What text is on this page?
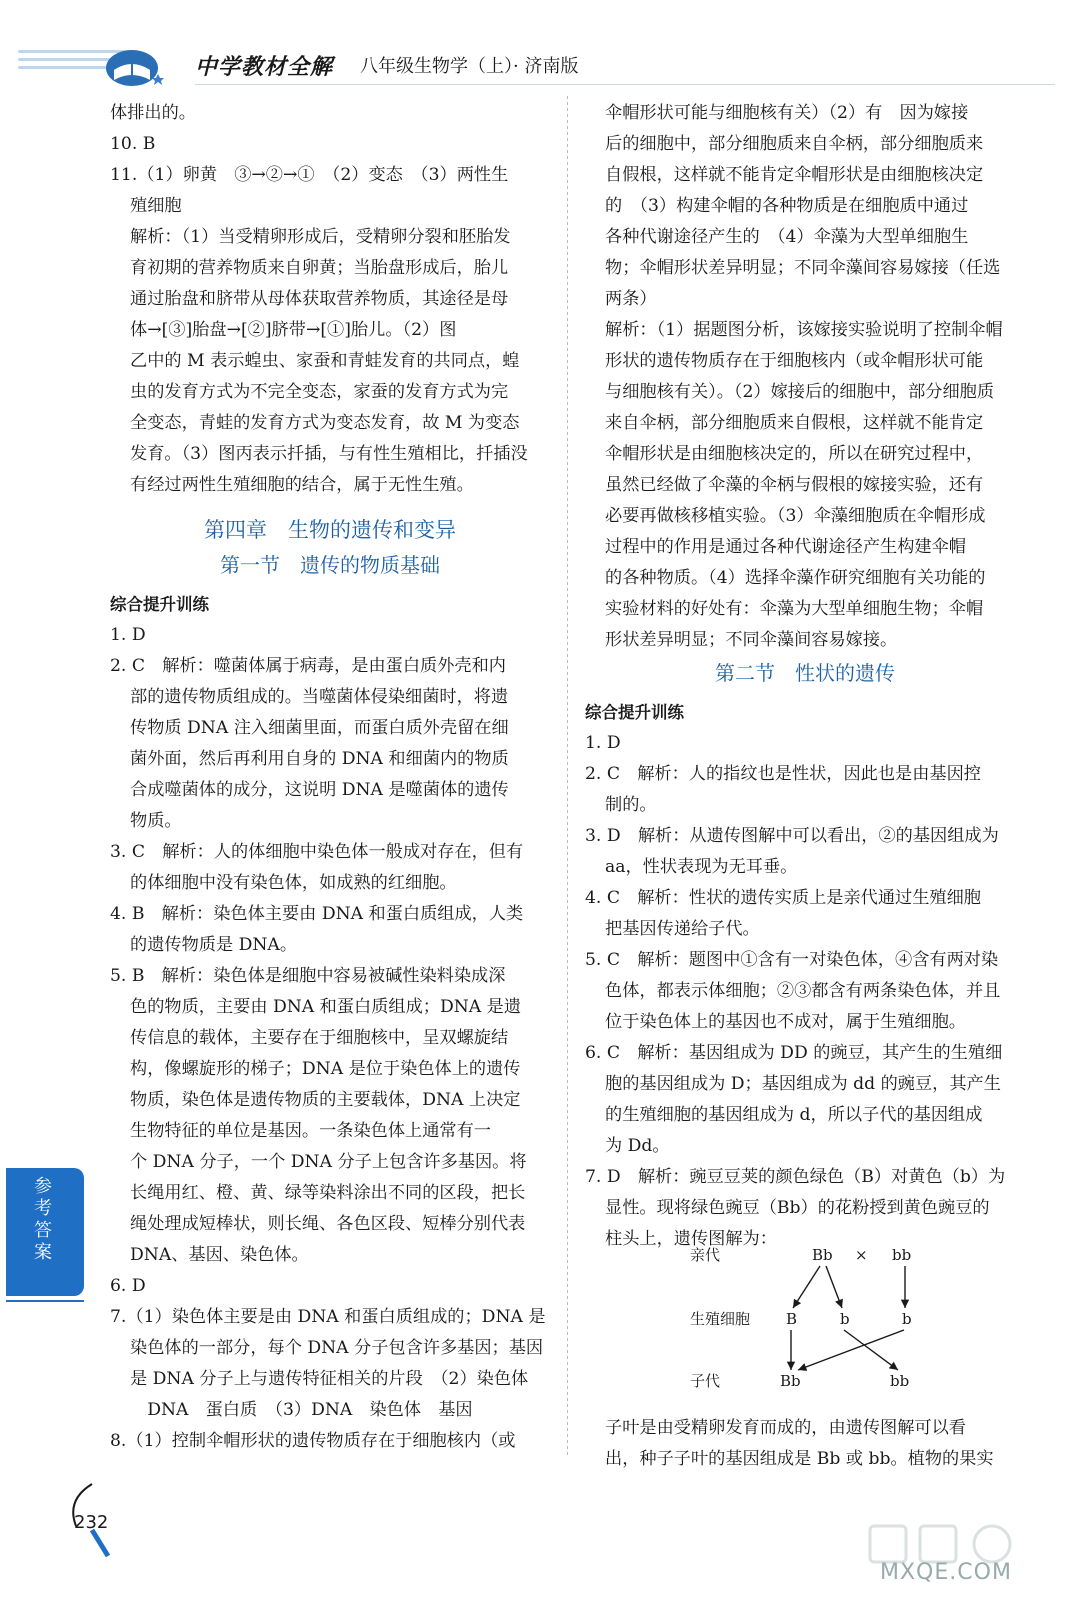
中学教材全解 八年级生物学（上）· 济南版

体排出的。

10. B

11.（1）卵黄　③→②→①　（2）变态　（3）两性生

殖细胞

解析：（1）当受精卵形成后，受精卵分裂和胚胎发

育初期的营养物质来自卵黄；当胎盘形成后，胎儿

通过胎盘和脐带从母体获取营养物质，其途径是母

体→[③]胎盘→[②]脐带→[①]胎儿。（2）图

乙中的 M 表示蝗虫、家蚕和青蛙发育的共同点，蝗

虫的发育方式为不完全变态，家蚕的发育方式为完

全变态，青蛙的发育方式为变态发育，故 M 为变态

发育。（3）图丙表示扦插，与有性生殖相比，扦插没

有经过两性生殖细胞的结合，属于无性生殖。

第四章　生物的遗传和变异
第一节　遗传的物质基础

综合提升训练

1. D

2. C　解析：噬菌体属于病毒，是由蛋白质外壳和内

部的遗传物质组成的。当噬菌体侵染细菌时，将遗

传物质 DNA 注入细菌里面，而蛋白质外壳留在细

菌外面，然后再利用自身的 DNA 和细菌内的物质

合成噬菌体的成分，这说明 DNA 是噬菌体的遗传

物质。

3. C　解析：人的体细胞中染色体一般成对存在，但有

的体细胞中没有染色体，如成熟的红细胞。

4. B　解析：染色体主要由 DNA 和蛋白质组成，人类

的遗传物质是 DNA。

5. B　解析：染色体是细胞中容易被碱性染料染成深

色的物质，主要由 DNA 和蛋白质组成；DNA 是遗

传信息的载体，主要存在于细胞核中，呈双螺旋结

构，像螺旋形的梯子；DNA 是位于染色体上的遗传

物质，染色体是遗传物质的主要载体，DNA 上决定

生物特征的单位是基因。一条染色体上通常有一

个 DNA 分子，一个 DNA 分子上包含许多基因。将

长绳用红、橙、黄、绿等染料涂出不同的区段，把长

绳处理成短棒状，则长绳、各色区段、短棒分别代表

DNA、基因、染色体。

6. D

7.（1）染色体主要是由 DNA 和蛋白质组成的；DNA 是

染色体的一部分，每个 DNA 分子包含许多基因；基因

是 DNA 分子上与遗传特征相关的片段　（2）染色体

　DNA　蛋白质　（3）DNA　染色体　基因

8.（1）控制伞帽形状的遗传物质存在于细胞核内（或

伞帽形状可能与细胞核有关）（2）有　因为嫁接

后的细胞中，部分细胞质来自伞柄，部分细胞质来

自假根，这样就不能肯定伞帽形状是由细胞核决定

的　（3）构建伞帽的各种物质是在细胞质中通过

各种代谢途径产生的　（4）伞藻为大型单细胞生

物；伞帽形状差异明显；不同伞藻间容易嫁接（任选

两条）

解析：（1）据题图分析，该嫁接实验说明了控制伞帽

形状的遗传物质存在于细胞核内（或伞帽形状可能

与细胞核有关）。（2）嫁接后的细胞中，部分细胞质

来自伞柄，部分细胞质来自假根，这样就不能肯定

伞帽形状是由细胞核决定的，所以在研究过程中，

虽然已经做了伞藻的伞柄与假根的嫁接实验，还有

必要再做核移植实验。（3）伞藻细胞质在伞帽形成

过程中的作用是通过各种代谢途径产生构建伞帽

的各种物质。（4）选择伞藻作研究细胞有关功能的

实验材料的好处有：伞藻为大型单细胞生物；伞帽

形状差异明显；不同伞藻间容易嫁接。

第二节　性状的遗传

综合提升训练

1. D

2. C　解析：人的指纹也是性状，因此也是由基因控

制的。

3. D　解析：从遗传图解中可以看出，②的基因组成为

aa，性状表现为无耳垂。

4. C　解析：性状的遗传实质上是亲代通过生殖细胞

把基因传递给子代。

5. C　解析：题图中①含有一对染色体，④含有两对染

色体，都表示体细胞；②③都含有两条染色体，并且

位于染色体上的基因也不成对，属于生殖细胞。

6. C　解析：基因组成为 DD 的豌豆，其产生的生殖细

胞的基因组成为 D；基因组成为 dd 的豌豆，其产生

的生殖细胞的基因组成为 d，所以子代的基因组成

为 Dd。

7. D　解析：豌豆豆荚的颜色绿色（B）对黄色（b）为

显性。现将绿色豌豆（Bb）的花粉授到黄色豌豆的

柱头上，遗传图解为：

子叶是由受精卵发育而成的，由遗传图解可以看

出，种子子叶的基因组成是 Bb 或 bb。植物的果实

亲代
生殖细胞
子代
Bb × bb
B	b	b
Bb	bb
参考答案
232
MXQE.COM
